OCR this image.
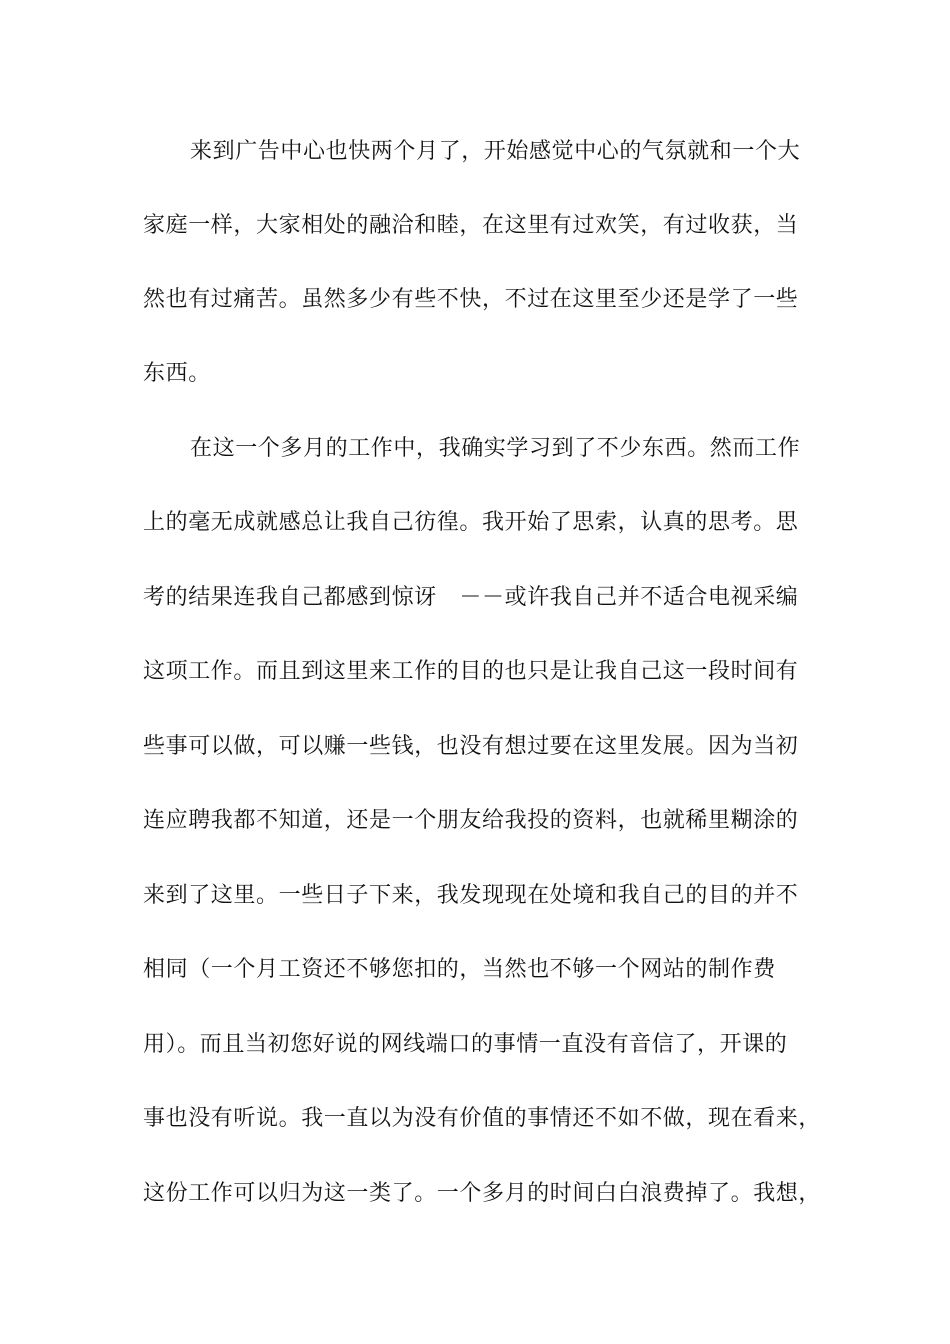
来到广告中心也快两个月了，开始感觉中心的气氛就和一个大
家庭一样，大家相处的融洽和睦，在这里有过欢笑，有过收获，当
然也有过痛苦。虽然多少有些不快，不过在这里至少还是学了一些
东西。
在这一个多月的工作中，我确实学习到了不少东西。然而工作
上的毫无成就感总让我自己彷徨。我开始了思索，认真的思考。思
考的结果连我自己都感到惊讶　－－或许我自己并不适合电视采编
这项工作。而且到这里来工作的目的也只是让我自己这一段时间有
些事可以做，可以赚一些钱，也没有想过要在这里发展。因为当初
连应聘我都不知道，还是一个朋友给我投的资料，也就稀里糊涂的
来到了这里。一些日子下来，我发现现在处境和我自己的目的并不
相同（一个月工资还不够您扣的，当然也不够一个网站的制作费
用）。而且当初您好说的网线端口的事情一直没有音信了，开课的
事也没有听说。我一直以为没有价值的事情还不如不做，现在看来，
这份工作可以归为这一类了。一个多月的时间白白浪费掉了。我想，
